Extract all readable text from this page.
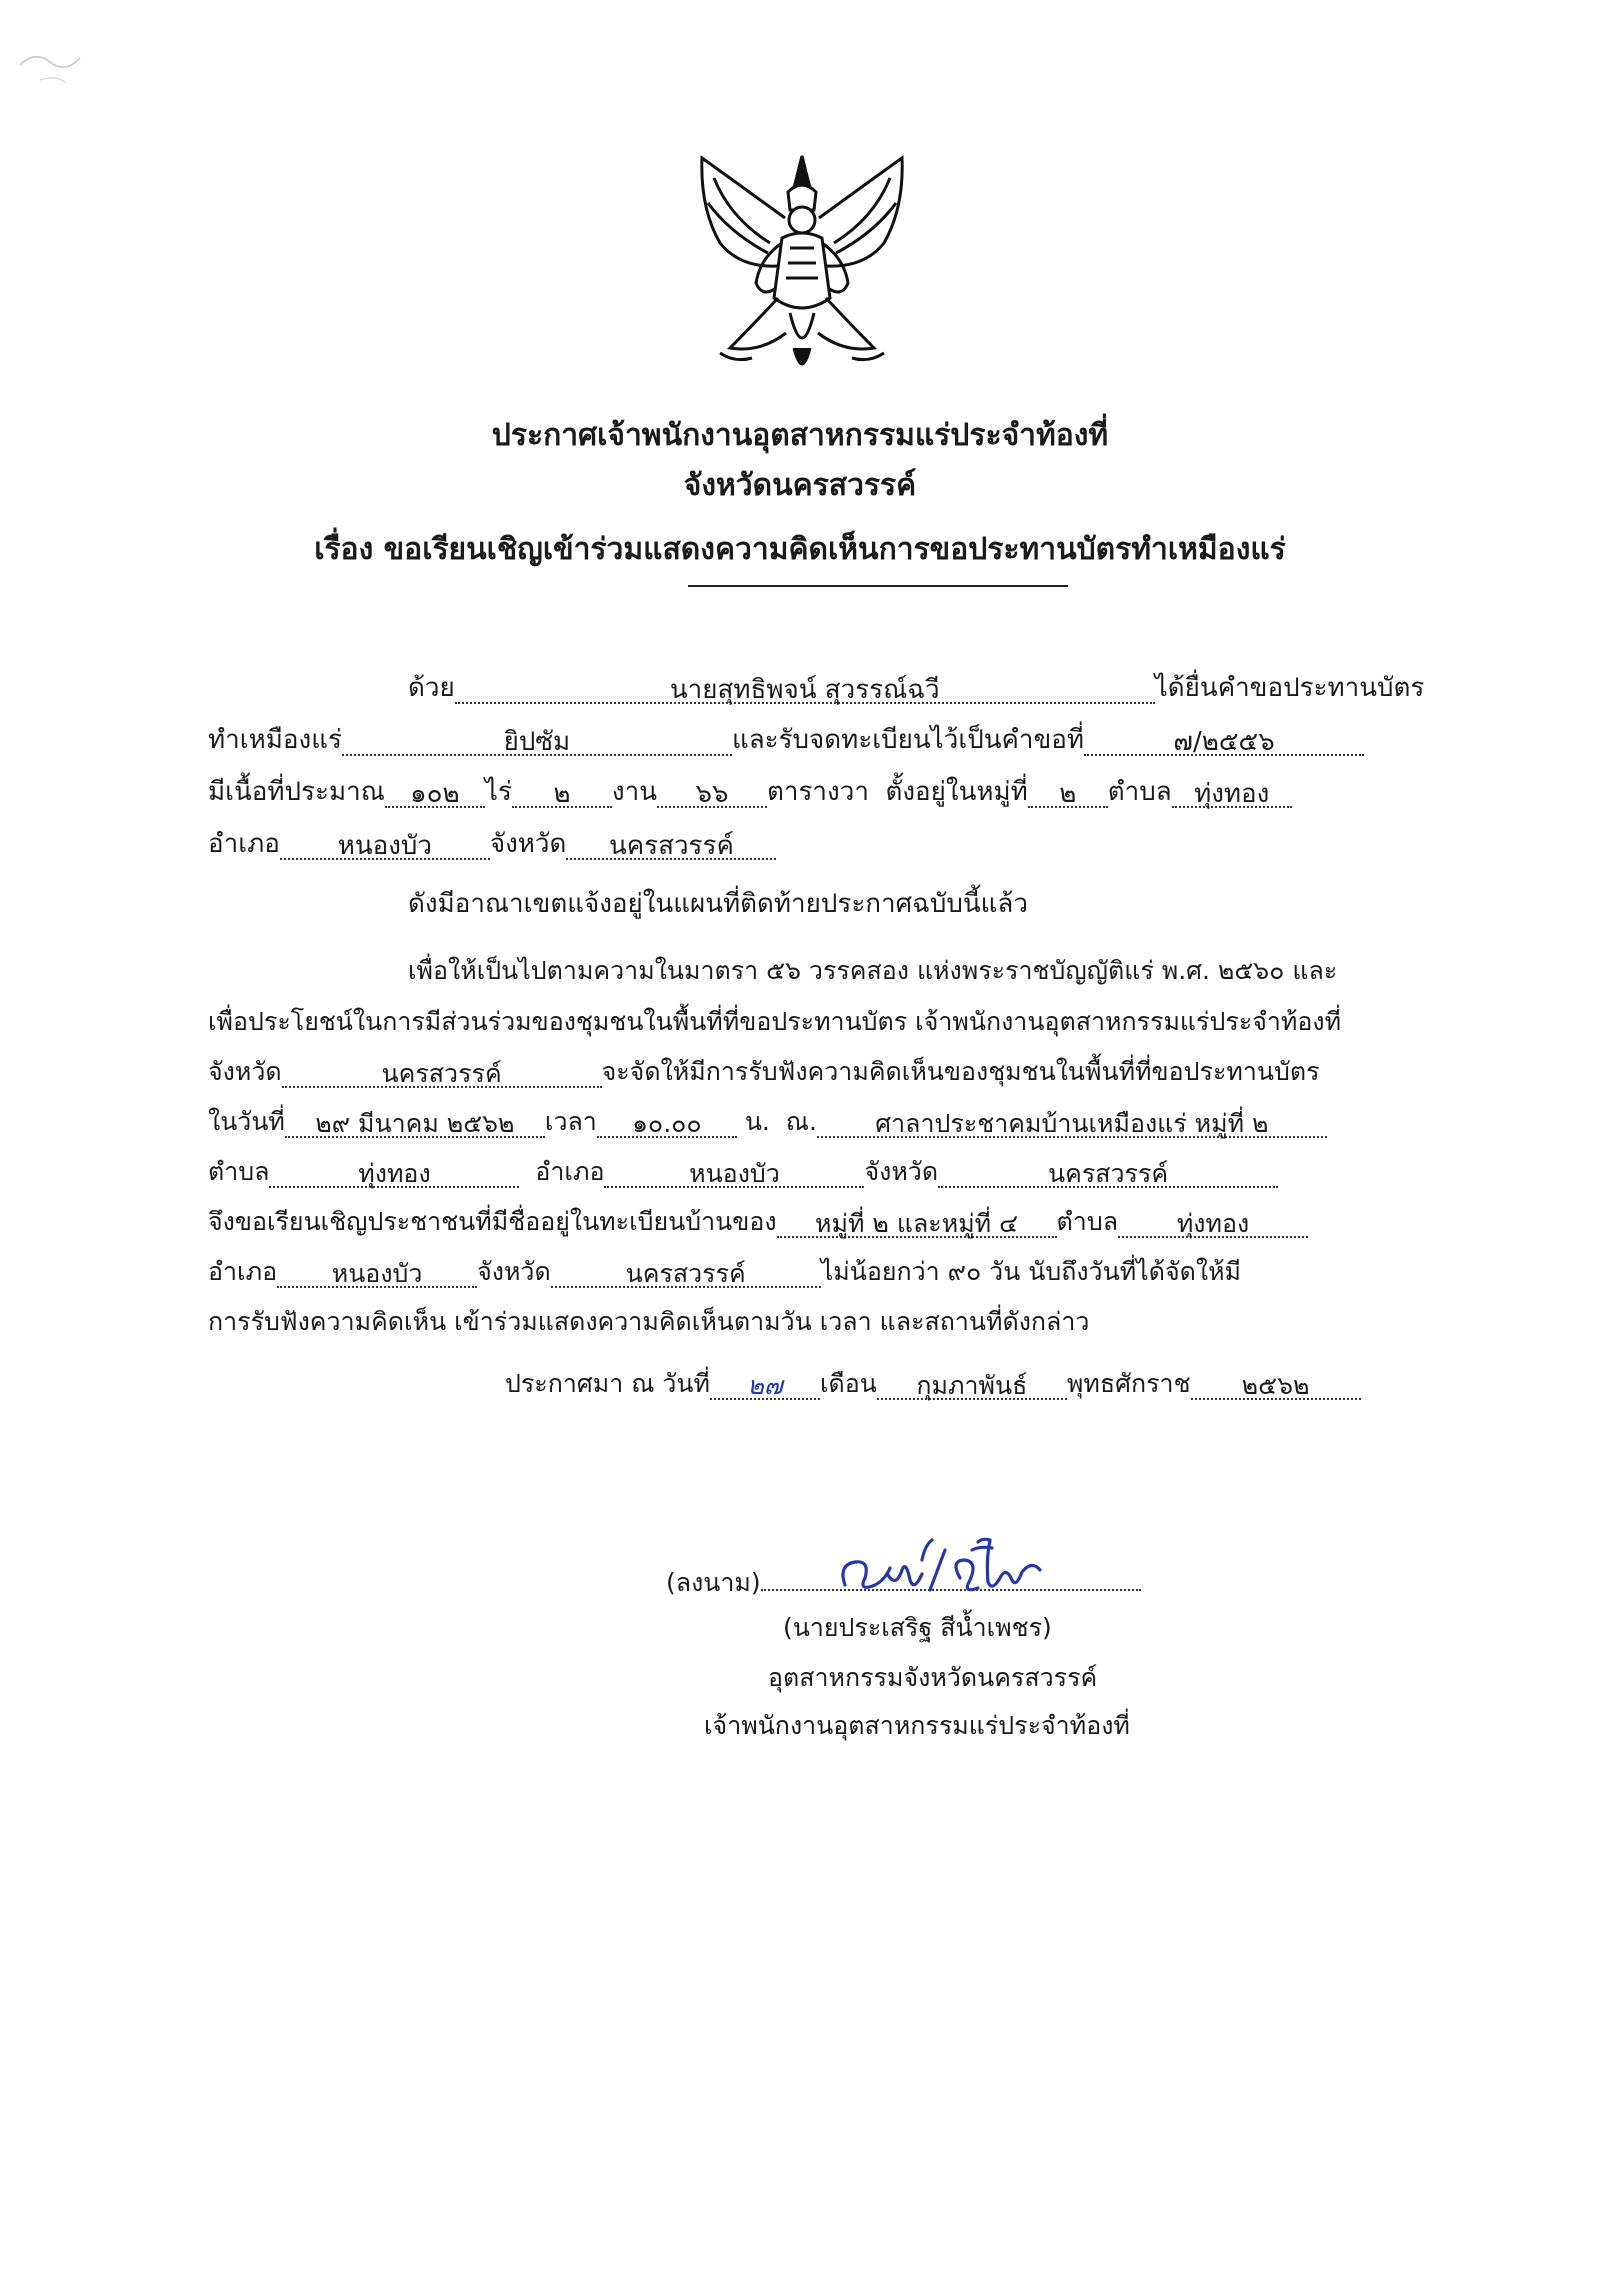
ประกาศเจ้าพนักงานอุตสาหกรรมแร่ประจำท้องที่
จังหวัดนครสวรรค์
เรื่อง ขอเรียนเชิญเข้าร่วมแสดงความคิดเห็นการขอประทานบัตรทำเหมืองแร่
ด้วย	นายสุทธิพจน์ สุวรรณ์ฉวี	ได้ยื่นคำขอประทานบัตร
ทำเหมืองแร่	ยิปซัม	และรับจดทะเบียนไว้เป็นคำขอที่	๗/๒๕๕๖
มีเนื้อที่ประมาณ ๑๐๒ ไร่ ๒ งาน ๖๖ ตารางวา ตั้งอยู่ในหมู่ที่ ๒ ตำบล ทุ่งทอง
อำเภอ หนองบัว จังหวัด นครสวรรค์
ดังมีอาณาเขตแจ้งอยู่ในแผนที่ติดท้ายประกาศฉบับนี้แล้ว
เพื่อให้เป็นไปตามความในมาตรา ๕๖ วรรคสอง แห่งพระราชบัญญัติแร่ พ.ศ. ๒๕๖๐ และ
เพื่อประโยชน์ในการมีส่วนร่วมของชุมชนในพื้นที่ที่ขอประทานบัตร เจ้าพนักงานอุตสาหกรรมแร่ประจำท้องที่
จังหวัด	นครสวรรค์	จะจัดให้มีการรับฟังความคิดเห็นของชุมชนในพื้นที่ที่ขอประทานบัตร
ในวันที่ ๒๙ มีนาคม ๒๕๖๒ เวลา ๑๐.๐๐ น. ณ. ศาลาประชาคมบ้านเหมืองแร่ หมู่ที่ ๒
ตำบล	ทุ่งทอง	อำเภอ	หนองบัว	จังหวัด	นครสวรรค์
จึงขอเรียนเชิญประชาชนที่มีชื่ออยู่ในทะเบียนบ้านของ หมู่ที่ ๒ และหมู่ที่ ๔ ตำบล ทุ่งทอง
อำเภอ หนองบัว จังหวัด	นครสวรรค์	ไม่น้อยกว่า ๙๐ วัน นับถึงวันที่ได้จัดให้มี
การรับฟังความคิดเห็น เข้าร่วมแสดงความคิดเห็นตามวัน เวลา และสถานที่ดังกล่าว
ประกาศมา ณ วันที่ ๒๗ เดือน กุมภาพันธ์ พุทธศักราช ๒๕๖๒
(ลงนาม)
(นายประเสริฐ สีน้ำเพชร)
อุตสาหกรรมจังหวัดนครสวรรค์
เจ้าพนักงานอุตสาหกรรมแร่ประจำท้องที่
